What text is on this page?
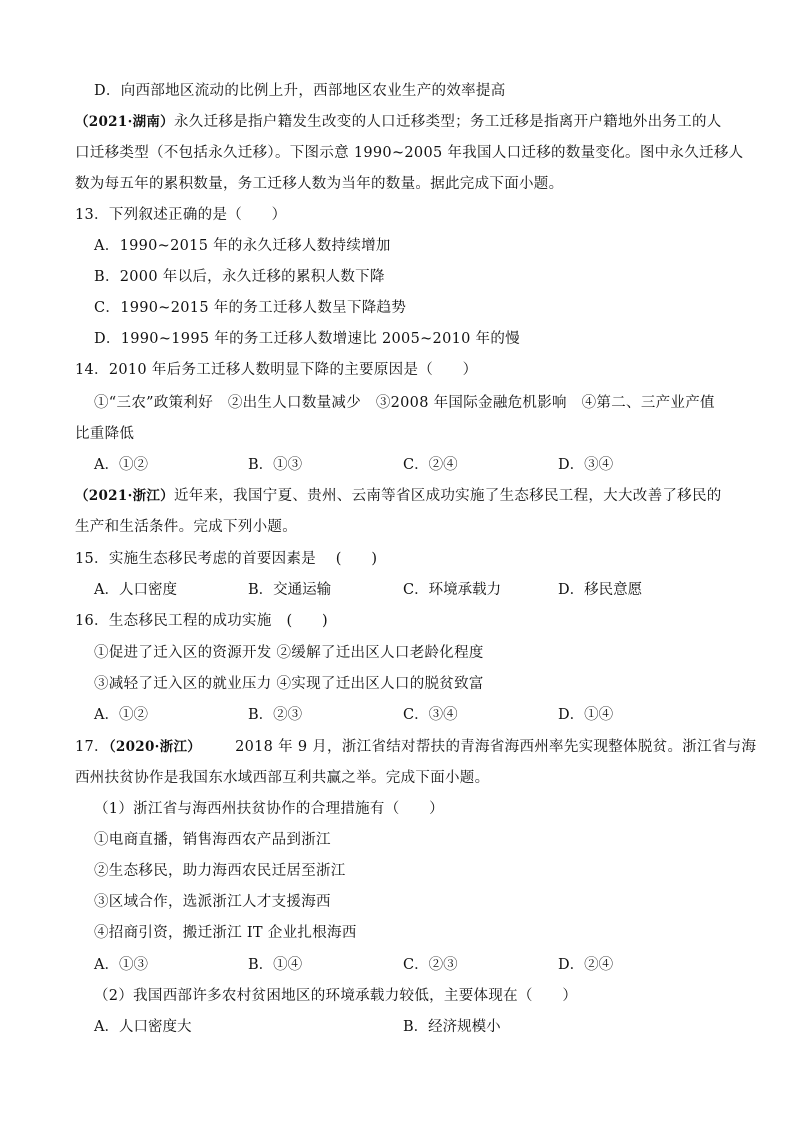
D．向西部地区流动的比例上升，西部地区农业生产的效率提高
（2021·湖南）永久迁移是指户籍发生改变的人口迁移类型；务工迁移是指离开户籍地外出务工的人
口迁移类型（不包括永久迁移）。下图示意 1990~2005 年我国人口迁移的数量变化。图中永久迁移人
数为每五年的累积数量，务工迁移人数为当年的数量。据此完成下面小题。
13．下列叙述正确的是（　　）
A．1990~2015 年的永久迁移人数持续增加
B．2000 年以后，永久迁移的累积人数下降
C．1990~2015 年的务工迁移人数呈下降趋势
D．1990~1995 年的务工迁移人数增速比 2005~2010 年的慢
14．2010 年后务工迁移人数明显下降的主要原因是（　　）
①“三农”政策利好　②出生人口数量减少　③2008 年国际金融危机影响　④第二、三产业产值
比重降低
A．①②	B．①③	C．②④	D．③④
（2021·浙江）近年来，我国宁夏、贵州、云南等省区成功实施了生态移民工程，大大改善了移民的
生产和生活条件。完成下列小题。
15．实施生态移民考虑的首要因素是　 (　　)
A．人口密度	B．交通运输	C．环境承载力	D．移民意愿
16．生态移民工程的成功实施　(　　)
①促进了迁入区的资源开发 ②缓解了迁出区人口老龄化程度
③减轻了迁入区的就业压力 ④实现了迁出区人口的脱贫致富
A．①②	B．②③	C．③④	D．①④
17．（2020·浙江） 2018 年 9 月，浙江省结对帮扶的青海省海西州率先实现整体脱贫。浙江省与海
西州扶贫协作是我国东水域西部互利共赢之举。完成下面小题。
（1）浙江省与海西州扶贫协作的合理措施有（　　）
①电商直播，销售海西农产品到浙江
②生态移民，助力海西农民迁居至浙江
③区域合作，选派浙江人才支援海西
④招商引资，搬迁浙江 IT 企业扎根海西
A．①③	B．①④	C．②③	D．②④
（2）我国西部许多农村贫困地区的环境承载力较低，主要体现在（　　）
A．人口密度大	B．经济规模小
